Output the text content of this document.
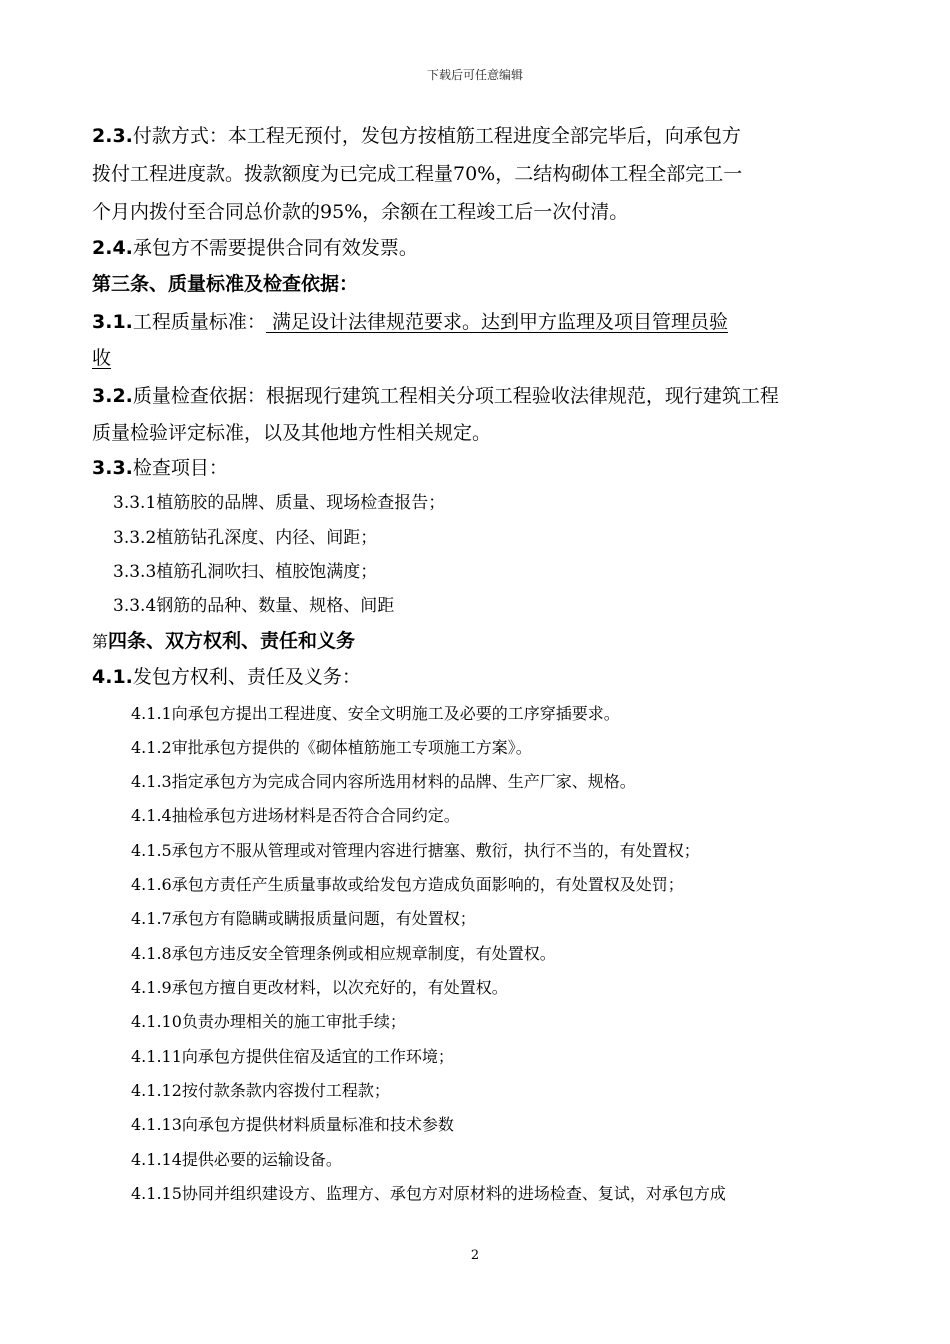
下载后可任意编辑
2.3.付款方式：本工程无预付，发包方按植筋工程进度全部完毕后，向承包方
拨付工程进度款。拨款额度为已完成工程量70%，二结构砌体工程全部完工一
个月内拨付至合同总价款的95%，余额在工程竣工后一次付清。
2.4.承包方不需要提供合同有效发票。
第三条、质量标准及检查依据：
3.1.工程质量标准： 满足设计法律规范要求。达到甲方监理及项目管理员验
收
3.2.质量检查依据：根据现行建筑工程相关分项工程验收法律规范，现行建筑工程
质量检验评定标准，以及其他地方性相关规定。
3.3.检查项目：
3.3.1植筋胶的品牌、质量、现场检查报告；
3.3.2植筋钻孔深度、内径、间距；
3.3.3植筋孔洞吹扫、植胶饱满度；
3.3.4钢筋的品种、数量、规格、间距
第四条、双方权利、责任和义务
4.1.发包方权利、责任及义务：
4.1.1向承包方提出工程进度、安全文明施工及必要的工序穿插要求。
4.1.2审批承包方提供的《砌体植筋施工专项施工方案》。
4.1.3指定承包方为完成合同内容所选用材料的品牌、生产厂家、规格。
4.1.4抽检承包方进场材料是否符合合同约定。
4.1.5承包方不服从管理或对管理内容进行搪塞、敷衍，执行不当的，有处置权；
4.1.6承包方责任产生质量事故或给发包方造成负面影响的，有处置权及处罚；
4.1.7承包方有隐瞒或瞒报质量问题，有处置权；
4.1.8承包方违反安全管理条例或相应规章制度，有处置权。
4.1.9承包方擅自更改材料，以次充好的，有处置权。
4.1.10负责办理相关的施工审批手续；
4.1.11向承包方提供住宿及适宜的工作环境；
4.1.12按付款条款内容拨付工程款；
4.1.13向承包方提供材料质量标准和技术参数
4.1.14提供必要的运输设备。
4.1.15协同并组织建设方、监理方、承包方对原材料的进场检查、复试，对承包方成
2
